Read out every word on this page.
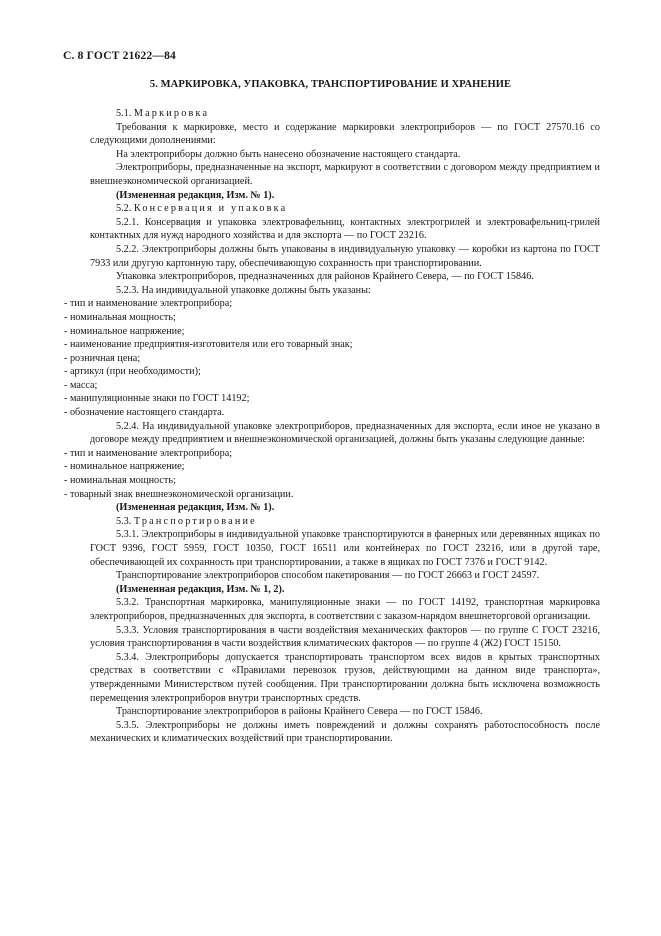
С. 8 ГОСТ 21622—84
5. МАРКИРОВКА, УПАКОВКА, ТРАНСПОРТИРОВАНИЕ И ХРАНЕНИЕ

5.1. Маркировка

Требования к маркировке, место и содержание маркировки электроприборов — по ГОСТ 27570.16 со следующими дополнениями:

На электроприборы должно быть нанесено обозначение настоящего стандарта.

Электроприборы, предназначенные на экспорт, маркируют в соответствии с договором между предприятием и внешнеэкономической организацией.

(Измененная редакция, Изм. № 1).

5.2. Консервация и упаковка

5.2.1. Консервация и упаковка электровафельниц, контактных электрогрилей и электровафельниц-грилей контактных для нужд народного хозяйства и для экспорта — по ГОСТ 23216.

5.2.2. Электроприборы должны быть упакованы в индивидуальную упаковку — коробки из картона по ГОСТ 7933 или другую картонную тару, обеспечивающую сохранность при транспортировании.

Упаковка электроприборов, предназначенных для районов Крайнего Севера, — по ГОСТ 15846.

5.2.3. На индивидуальной упаковке должны быть указаны:

- тип и наименование электроприбора;
- номинальная мощность;
- номинальное напряжение;
- наименование предприятия-изготовителя или его товарный знак;
- розничная цена;
- артикул (при необходимости);
- масса;
- манипуляционные знаки по ГОСТ 14192;
- обозначение настоящего стандарта.

5.2.4. На индивидуальной упаковке электроприборов, предназначенных для экспорта, если иное не указано в договоре между предприятием и внешнеэкономической организацией, должны быть указаны следующие данные:

- тип и наименование электроприбора;
- номинальное напряжение;
- номинальная мощность;
- товарный знак внешнеэкономической организации.

(Измененная редакция, Изм. № 1).

5.3. Транспортирование

5.3.1. Электроприборы в индивидуальной упаковке транспортируются в фанерных или деревянных ящиках по ГОСТ 9396, ГОСТ 5959, ГОСТ 10350, ГОСТ 16511 или контейнерах по ГОСТ 23216, или в другой таре, обеспечивающей их сохранность при транспортировании, а также в ящиках по ГОСТ 7376 и ГОСТ 9142.

Транспортирование электроприборов способом пакетирования — по ГОСТ 26663 и ГОСТ 24597.

(Измененная редакция, Изм. № 1, 2).

5.3.2. Транспортная маркировка, манипуляционные знаки — по ГОСТ 14192, транспортная маркировка электроприборов, предназначенных для экспорта, в соответствии с заказом-нарядом внешнеторговой организации.

5.3.3. Условия транспортирования в части воздействия механических факторов — по группе С ГОСТ 23216, условия транспортирования в части воздействия климатических факторов — по группе 4 (Ж2) ГОСТ 15150.

5.3.4. Электроприборы допускается транспортировать транспортом всех видов в крытых транспортных средствах в соответствии с «Правилами перевозок грузов, действующими на данном виде транспорта», утвержденными Министерством путей сообщения. При транспортировании должна быть исключена возможность перемещения электроприборов внутри транспортных средств.

Транспортирование электроприборов в районы Крайнего Севера — по ГОСТ 15846.

5.3.5. Электроприборы не должны иметь повреждений и должны сохранять работоспособность после механических и климатических воздействий при транспортировании.
